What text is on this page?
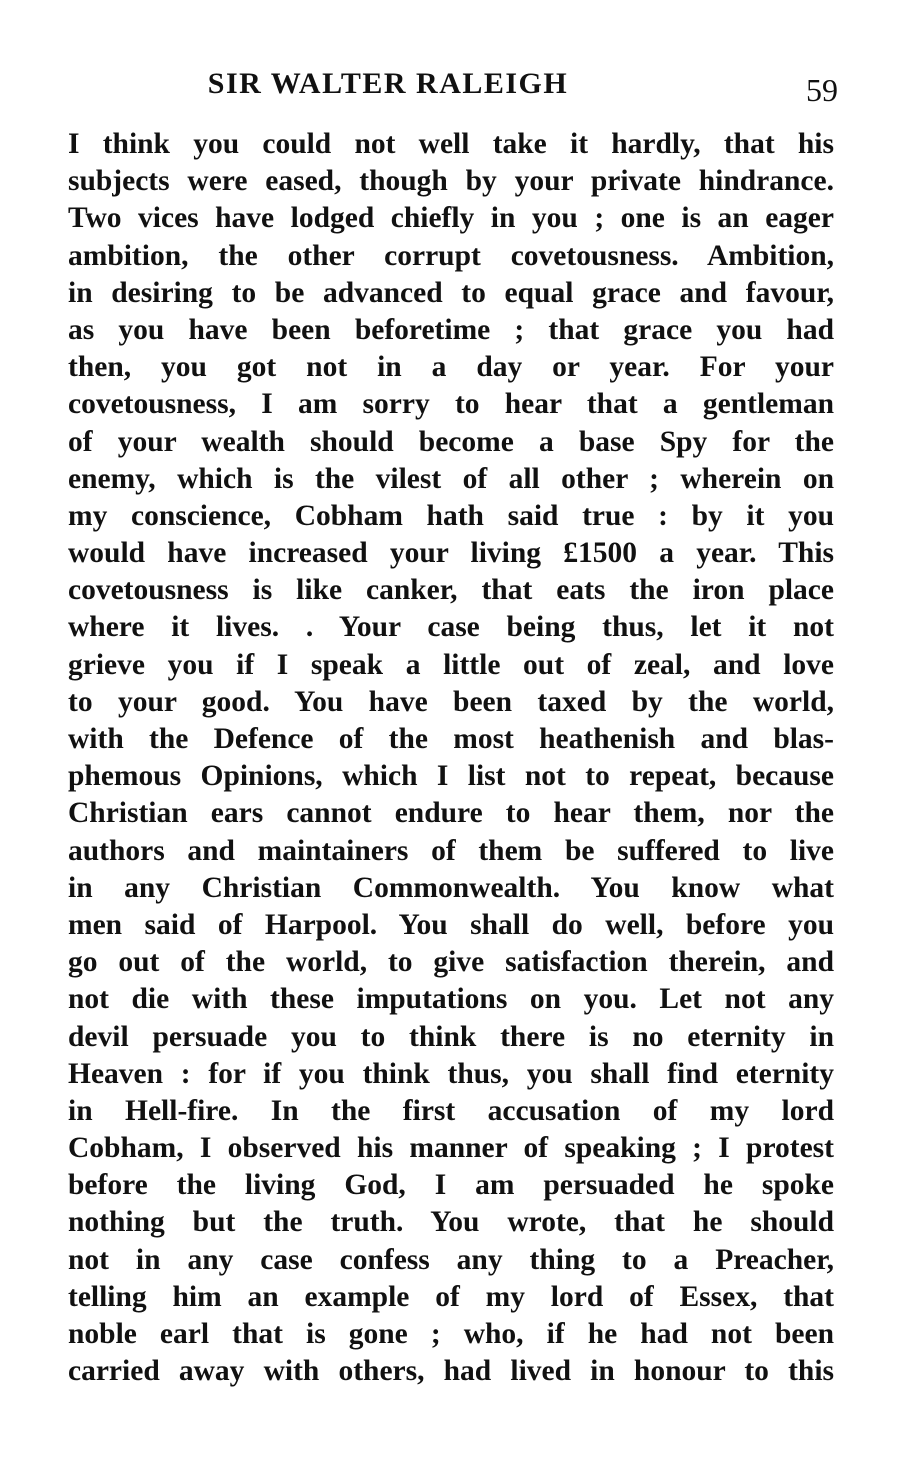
SIR WALTER RALEIGH	59
I think you could not well take it hardly, that his
subjects were eased, though by your private hindrance.
Two vices have lodged chiefly in you ; one is an eager
ambition, the other corrupt covetousness. Ambition,
in desiring to be advanced to equal grace and favour,
as you have been beforetime ; that grace you had
then, you got not in a day or year. For your
covetousness, I am sorry to hear that a gentleman
of your wealth should become a base Spy for the
enemy, which is the vilest of all other ; wherein on
my conscience, Cobham hath said true : by it you
would have increased your living £1500 a year. This
covetousness is like canker, that eats the iron place
where it lives. . Your case being thus, let it not
grieve you if I speak a little out of zeal, and love
to your good. You have been taxed by the world,
with the Defence of the most heathenish and blas-
phemous Opinions, which I list not to repeat, because
Christian ears cannot endure to hear them, nor the
authors and maintainers of them be suffered to live
in any Christian Commonwealth. You know what
men said of Harpool. You shall do well, before you
go out of the world, to give satisfaction therein, and
not die with these imputations on you. Let not any
devil persuade you to think there is no eternity in
Heaven : for if you think thus, you shall find eternity
in Hell-fire. In the first accusation of my lord
Cobham, I observed his manner of speaking ; I protest
before the living God, I am persuaded he spoke
nothing but the truth. You wrote, that he should
not in any case confess any thing to a Preacher,
telling him an example of my lord of Essex, that
noble earl that is gone ; who, if he had not been
carried away with others, had lived in honour to this
